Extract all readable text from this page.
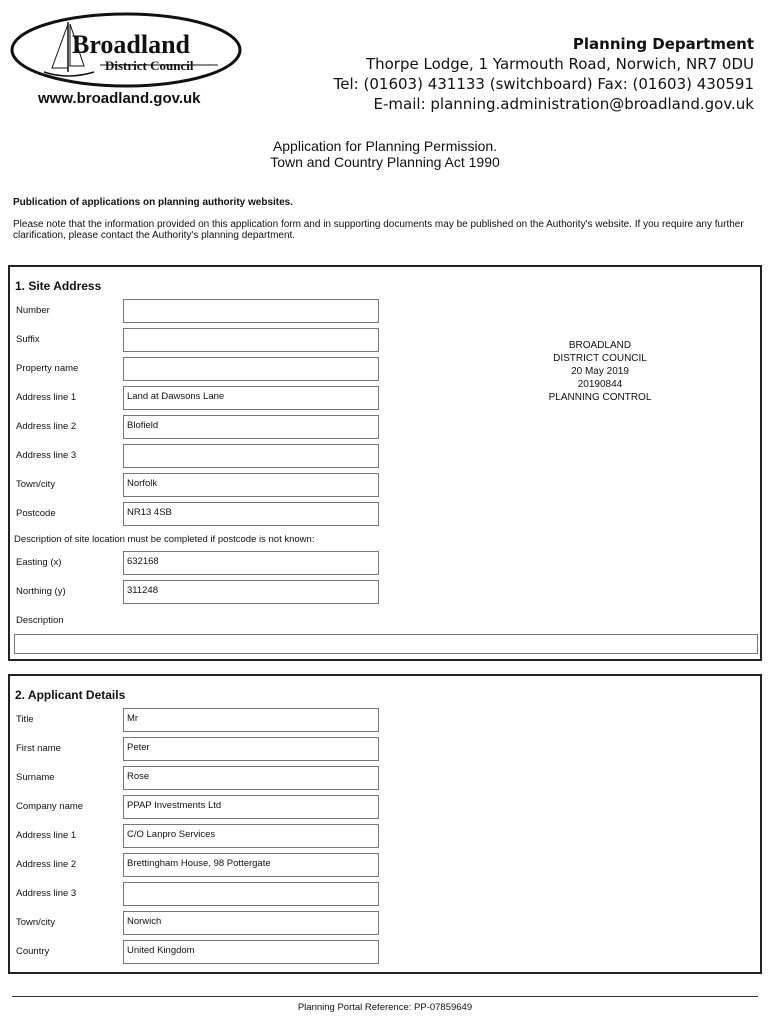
Broadland
District Council
www.broadland.gov.uk
Planning Department
Thorpe Lodge, 1 Yarmouth Road, Norwich, NR7 0DU
Tel: (01603) 431133 (switchboard) Fax: (01603) 430591
E-mail: planning.administration@broadland.gov.uk
Application for Planning Permission.
Town and Country Planning Act 1990
Publication of applications on planning authority websites.
Please note that the information provided on this application form and in supporting documents may be published on the Authority's website. If you require any further clarification, please contact the Authority's planning department.
1. Site Address
Number
Suffix
Property name
Address line 1	Land at Dawsons Lane
Address line 2	Blofield
Address line 3
Town/city	Norfolk
Postcode	NR13 4SB
Description of site location must be completed if postcode is not known:
Easting (x)	632168
Northing (y)	311248
Description
BROADLAND
DISTRICT COUNCIL
20 May 2019
20190844
PLANNING CONTROL
2. Applicant Details
Title	Mr
First name	Peter
Surname	Rose
Company name	PPAP Investments Ltd
Address line 1	C/O Lanpro Services
Address line 2	Brettingham House, 98 Pottergate
Address line 3
Town/city	Norwich
Country	United Kingdom
Planning Portal Reference: PP-07859649
